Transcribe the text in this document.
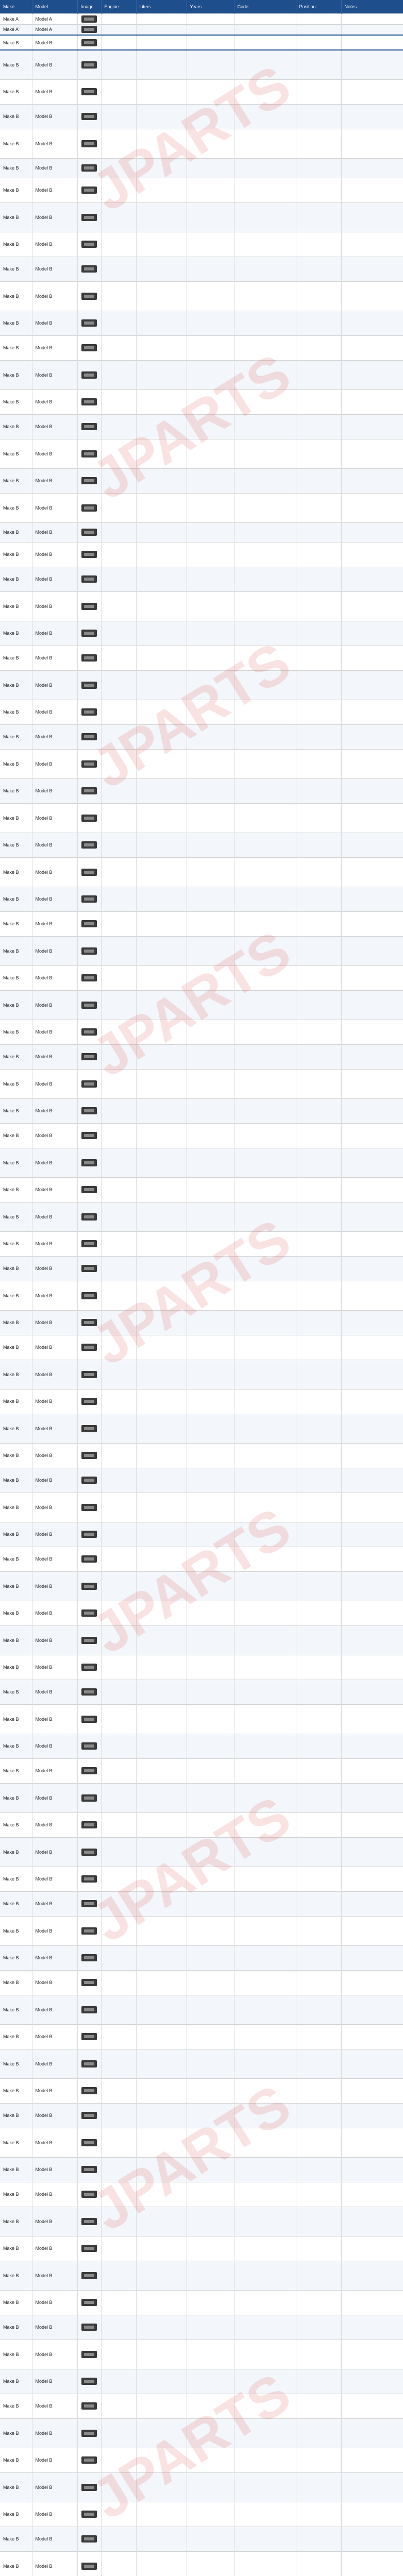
JPARTS
JPARTS
JPARTS
JPARTS
JPARTS
JPARTS
JPARTS
JPARTS
JPARTS
Make	Model	Image	Engine	Liters	Years	Code	Position	Notes
Make A	Model A							
Make A	Model A							
Make B	Model B							
Make B	Model B							
Make B	Model B							
Make B	Model B							
Make B	Model B							
Make B	Model B							
Make B	Model B							
Make B	Model B							
Make B	Model B							
Make B	Model B							
Make B	Model B							
Make B	Model B							
Make B	Model B							
Make B	Model B							
Make B	Model B							
Make B	Model B							
Make B	Model B							
Make B	Model B							
Make B	Model B							
Make B	Model B							
Make B	Model B							
Make B	Model B							
Make B	Model B							
Make B	Model B							
Make B	Model B							
Make B	Model B							
Make B	Model B							
Make B	Model B							
Make B	Model B							
Make B	Model B							
Make B	Model B							
Make B	Model B							
Make B	Model B							
Make B	Model B							
Make B	Model B							
Make B	Model B							
Make B	Model B							
Make B	Model B							
Make B	Model B							
Make B	Model B							
Make B	Model B							
Make B	Model B							
Make B	Model B							
Make B	Model B							
Make B	Model B							
Make B	Model B							
Make B	Model B							
Make B	Model B							
Make B	Model B							
Make B	Model B							
Make B	Model B							
Make B	Model B							
Make B	Model B							
Make B	Model B							
Make B	Model B							
Make B	Model B							
Make B	Model B							
Make B	Model B							
Make B	Model B							
Make B	Model B							
Make B	Model B							
Make B	Model B							
Make B	Model B							
Make B	Model B							
Make B	Model B							
Make B	Model B							
Make B	Model B							
Make B	Model B							
Make B	Model B							
Make B	Model B							
Make B	Model B							
Make B	Model B							
Make B	Model B							
Make B	Model B							
Make B	Model B							
Make B	Model B							
Make B	Model B							
Make B	Model B							
Make B	Model B							
Make B	Model B							
Make B	Model B							
Make B	Model B							
Make B	Model B							
Make B	Model B							
Make B	Model B							
Make B	Model B							
Make B	Model B							
Make B	Model B							
Make B	Model B							
Make B	Model B							
Make B	Model B							
Make B	Model B							
Make B	Model B							
Make B	Model B							
Make B	Model B							
Make B	Model B							
Make B	Model B							
